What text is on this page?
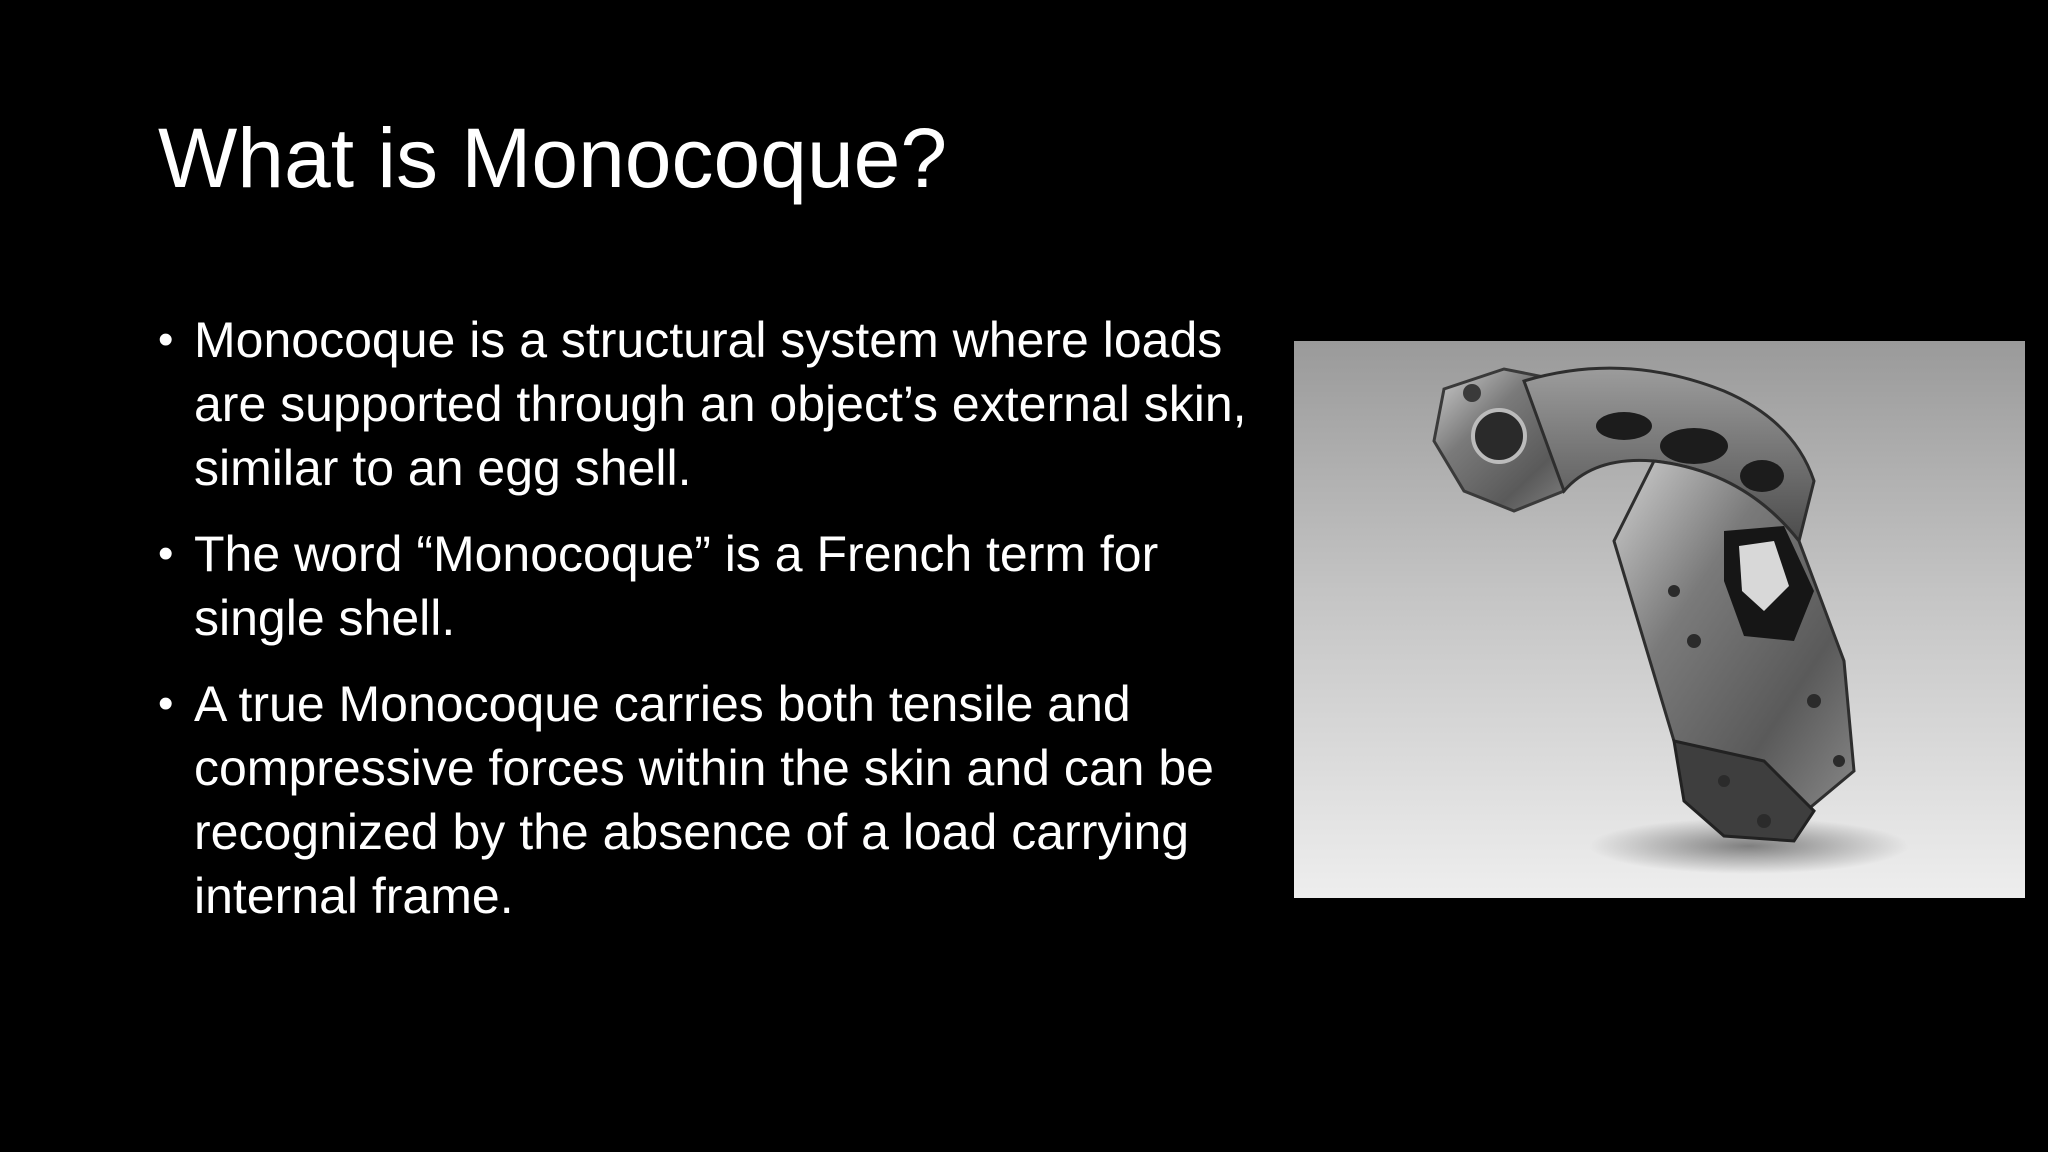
What is Monocoque?
• Monocoque is a structural system where loads are supported through an object’s external skin, similar to an egg shell.
• The word “Monocoque” is a French term for single shell.
• A true Monocoque carries both tensile and compressive forces within the skin and can be recognized by the absence of a load carrying internal frame.
